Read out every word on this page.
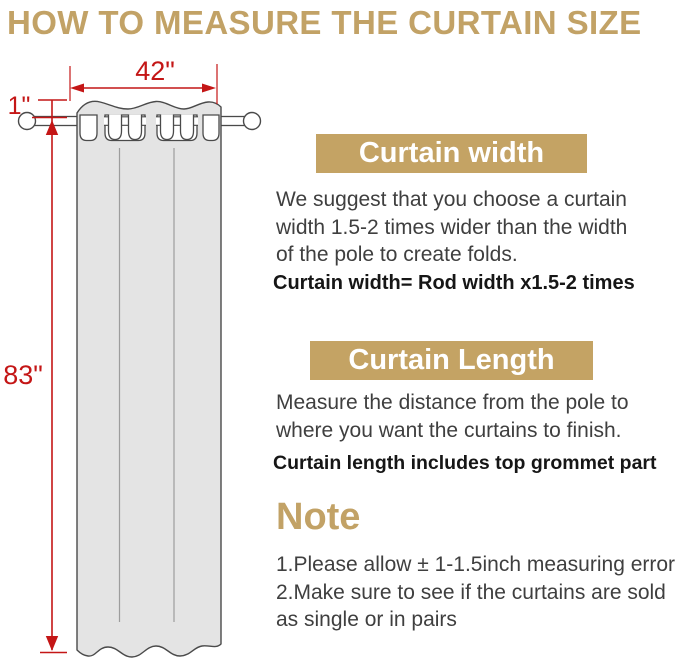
HOW TO MEASURE THE CURTAIN SIZE
42"
1"
83"
Curtain width
We suggest that you choose a curtain
width 1.5-2 times wider than the width
of the pole to create folds.
Curtain width= Rod width x1.5-2 times
Curtain Length
Measure the distance from the pole to
where you want the curtains to finish.
Curtain length includes top grommet part
Note
1.Please allow ± 1-1.5inch measuring error
2.Make sure to see if the curtains are sold
as single or in pairs
